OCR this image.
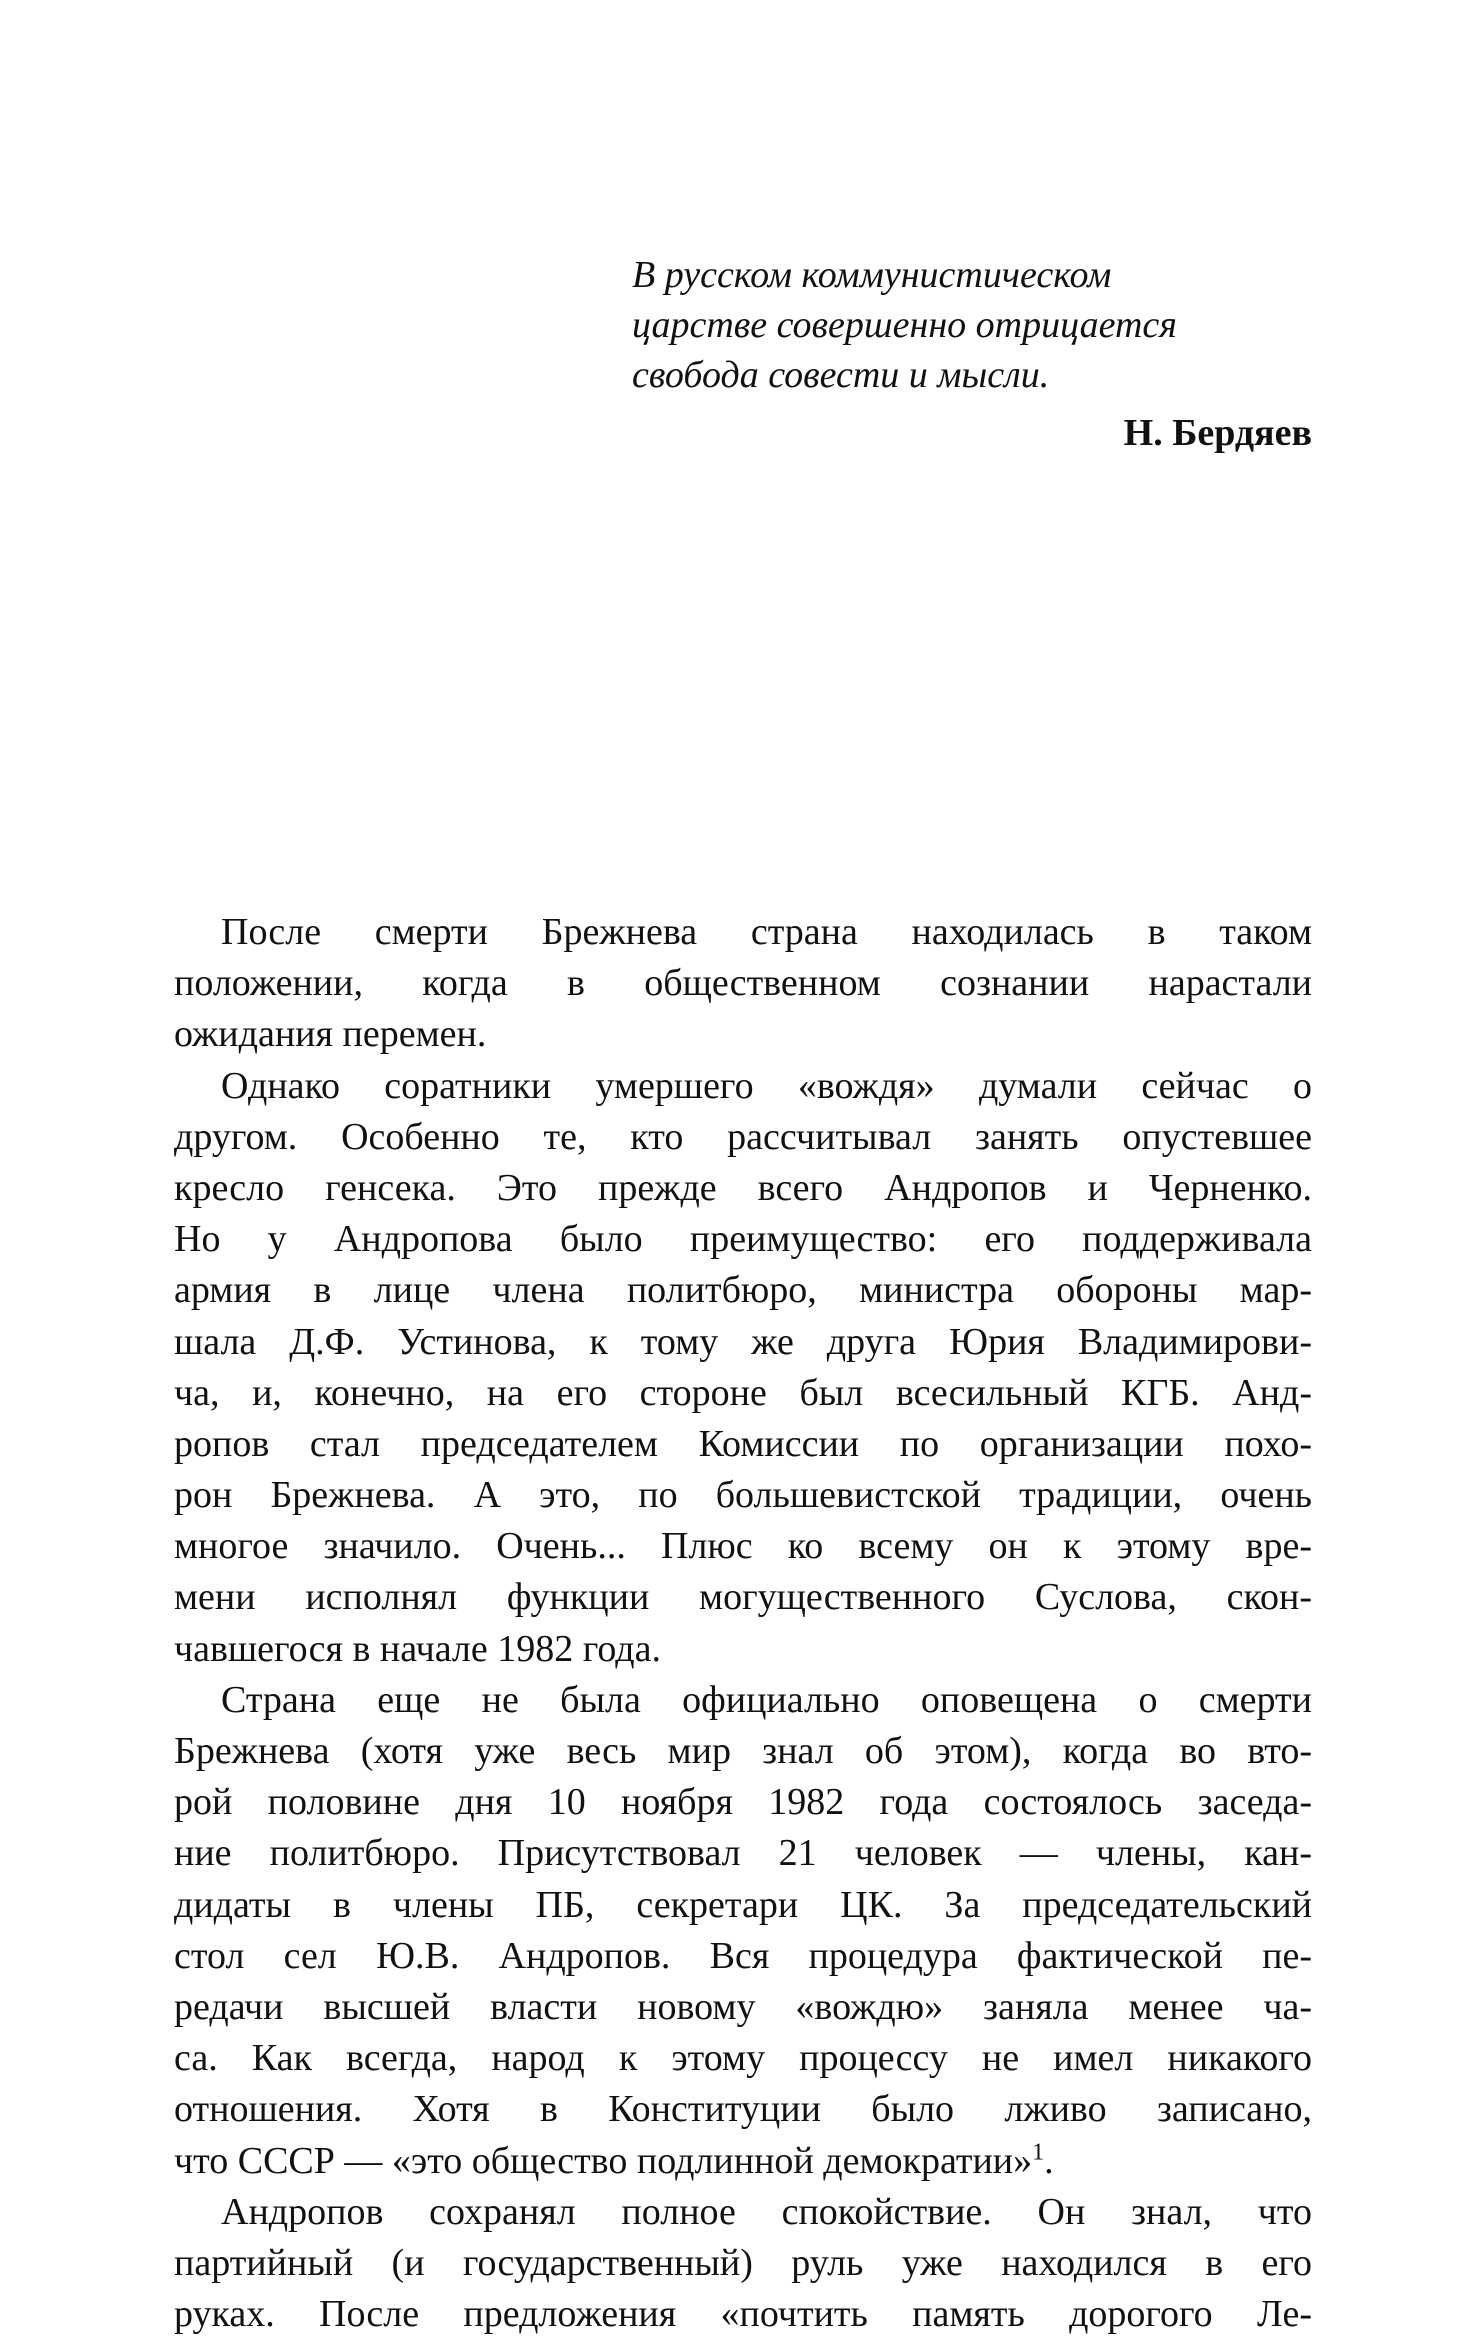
В русском коммунистическом
царстве совершенно отрицается
свобода совести и мысли.
Н. Бердяев
После смерти Брежнева страна находилась в таком
положении, когда в общественном сознании нарастали
ожидания перемен.
Однако соратники умершего «вождя» думали сейчас о
другом. Особенно те, кто рассчитывал занять опустевшее
кресло генсека. Это прежде всего Андропов и Черненко.
Но у Андропова было преимущество: его поддерживала
армия в лице члена политбюро, министра обороны мар-
шала Д.Ф. Устинова, к тому же друга Юрия Владимирови-
ча, и, конечно, на его стороне был всесильный КГБ. Анд-
ропов стал председателем Комиссии по организации похо-
рон Брежнева. А это, по большевистской традиции, очень
многое значило. Очень... Плюс ко всему он к этому вре-
мени исполнял функции могущественного Суслова, скон-
чавшегося в начале 1982 года.
Страна еще не была официально оповещена о смерти
Брежнева (хотя уже весь мир знал об этом), когда во вто-
рой половине дня 10 ноября 1982 года состоялось заседа-
ние политбюро. Присутствовал 21 человек — члены, кан-
дидаты в члены ПБ, секретари ЦК. За председательский
стол сел Ю.В. Андропов. Вся процедура фактической пе-
редачи высшей власти новому «вождю» заняла менее ча-
са. Как всегда, народ к этому процессу не имел никакого
отношения. Хотя в Конституции было лживо записано,
что СССР — «это общество подлинной демократии»$^1$.
Андропов сохранял полное спокойствие. Он знал, что
партийный (и государственный) руль уже находился в его
руках. После предложения «почтить память дорогого Ле-
